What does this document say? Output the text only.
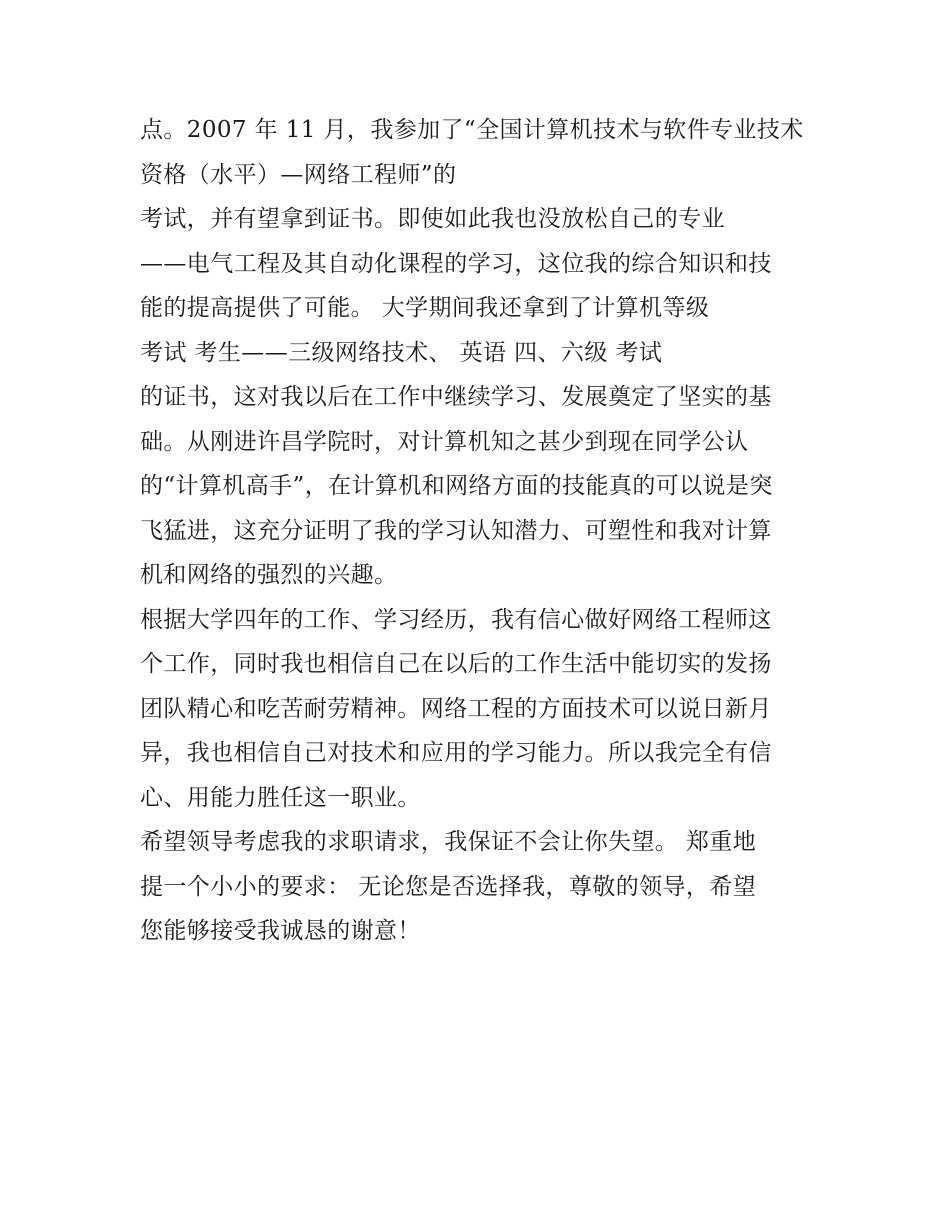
点。2007 年 11 月，我参加了“全国计算机技术与软件专业技术
资格（水平）—网络工程师”的
考试，并有望拿到证书。即使如此我也没放松自己的专业
——电气工程及其自动化课程的学习，这位我的综合知识和技
能的提高提供了可能。 大学期间我还拿到了计算机等级
考试 考生——三级网络技术、 英语 四、六级 考试
的证书，这对我以后在工作中继续学习、发展奠定了坚实的基
础。从刚进许昌学院时，对计算机知之甚少到现在同学公认
的“计算机高手”，在计算机和网络方面的技能真的可以说是突
飞猛进，这充分证明了我的学习认知潜力、可塑性和我对计算
机和网络的强烈的兴趣。
根据大学四年的工作、学习经历，我有信心做好网络工程师这
个工作，同时我也相信自己在以后的工作生活中能切实的发扬
团队精心和吃苦耐劳精神。网络工程的方面技术可以说日新月
异，我也相信自己对技术和应用的学习能力。所以我完全有信
心、用能力胜任这一职业。
希望领导考虑我的求职请求，我保证不会让你失望。 郑重地
提一个小小的要求： 无论您是否选择我，尊敬的领导，希望
您能够接受我诚恳的谢意！
